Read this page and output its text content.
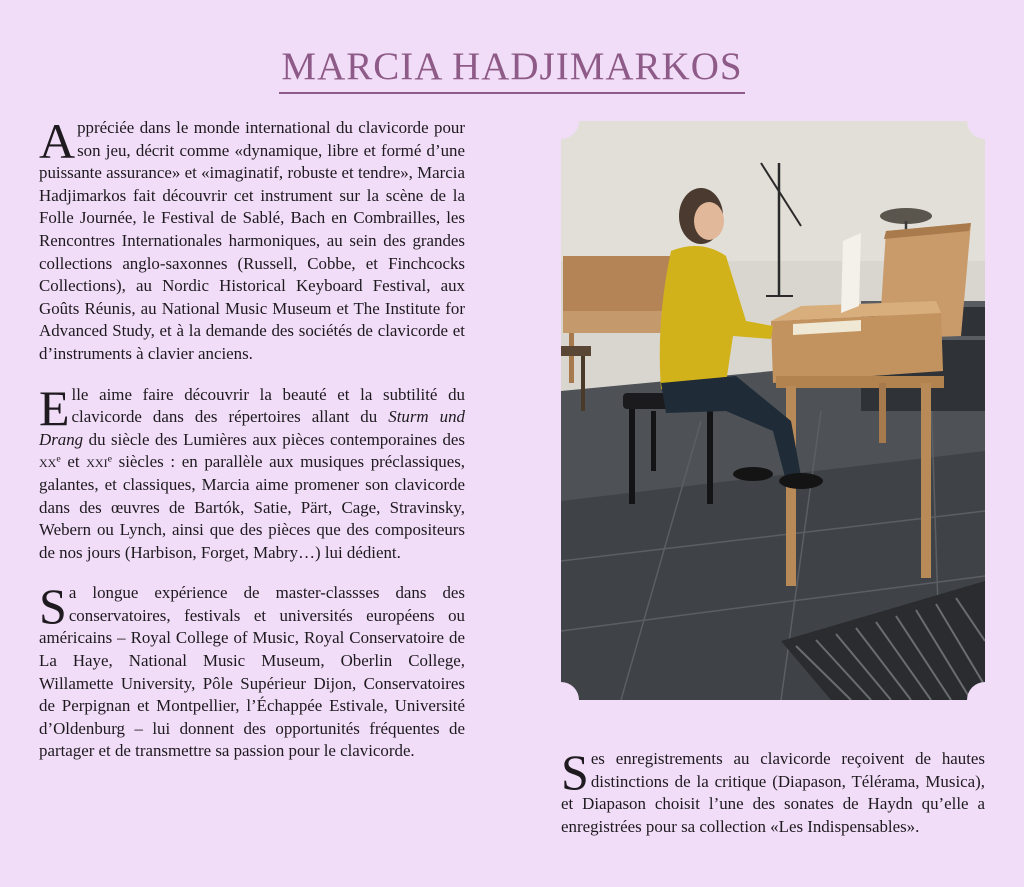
MARCIA HADJIMARKOS

Appréciée dans le monde international du clavicorde pour son jeu, décrit comme «dynamique, libre et formé d’une puissante assurance» et «imaginatif, robuste et tendre», Marcia Hadjimarkos fait découvrir cet instrument sur la scène de la Folle Journée, le Festival de Sablé, Bach en Combrailles, les Rencontres Internationales harmoniques, au sein des grandes collections anglo-saxonnes (Russell, Cobbe, et Finchcocks Collections), au Nordic Historical Keyboard Festival, aux Goûts Réunis, au National Music Museum et The Institute for Advanced Study, et à la demande des sociétés de clavicorde et d’instruments à clavier anciens.

Elle aime faire découvrir la beauté et la subtilité du clavicorde dans des répertoires allant du Sturm und Drang du siècle des Lumières aux pièces contemporaines des $xx^e$ et xxi$^e$ siècles : en parallèle aux musiques préclassiques, galantes, et classiques, Marcia aime promener son clavicorde dans des œuvres de Bartók, Satie, Pärt, Cage, Stravinsky, Webern ou Lynch, ainsi que des pièces que des compositeurs de nos jours (Harbison, Forget, Mabry…) lui dédient.

Sa longue expérience de master-classses dans des conservatoires, festivals et universités européens ou américains – Royal College of Music, Royal Conservatoire de La Haye, National Music Museum, Oberlin College, Willamette University, Pôle Supérieur Dijon, Conservatoires de Perpignan et Montpellier, l’Échappée Estivale, Université d’Oldenburg – lui donnent des opportunités fréquentes de partager et de transmettre sa passion pour le clavicorde.	Ses enregistrements au clavicorde reçoivent de hautes distinctions de la critique (Diapason, Télérama, Musica), et Diapason choisit l’une des sonates de Haydn qu’elle a enregistrées pour sa collection «Les Indispensables».
